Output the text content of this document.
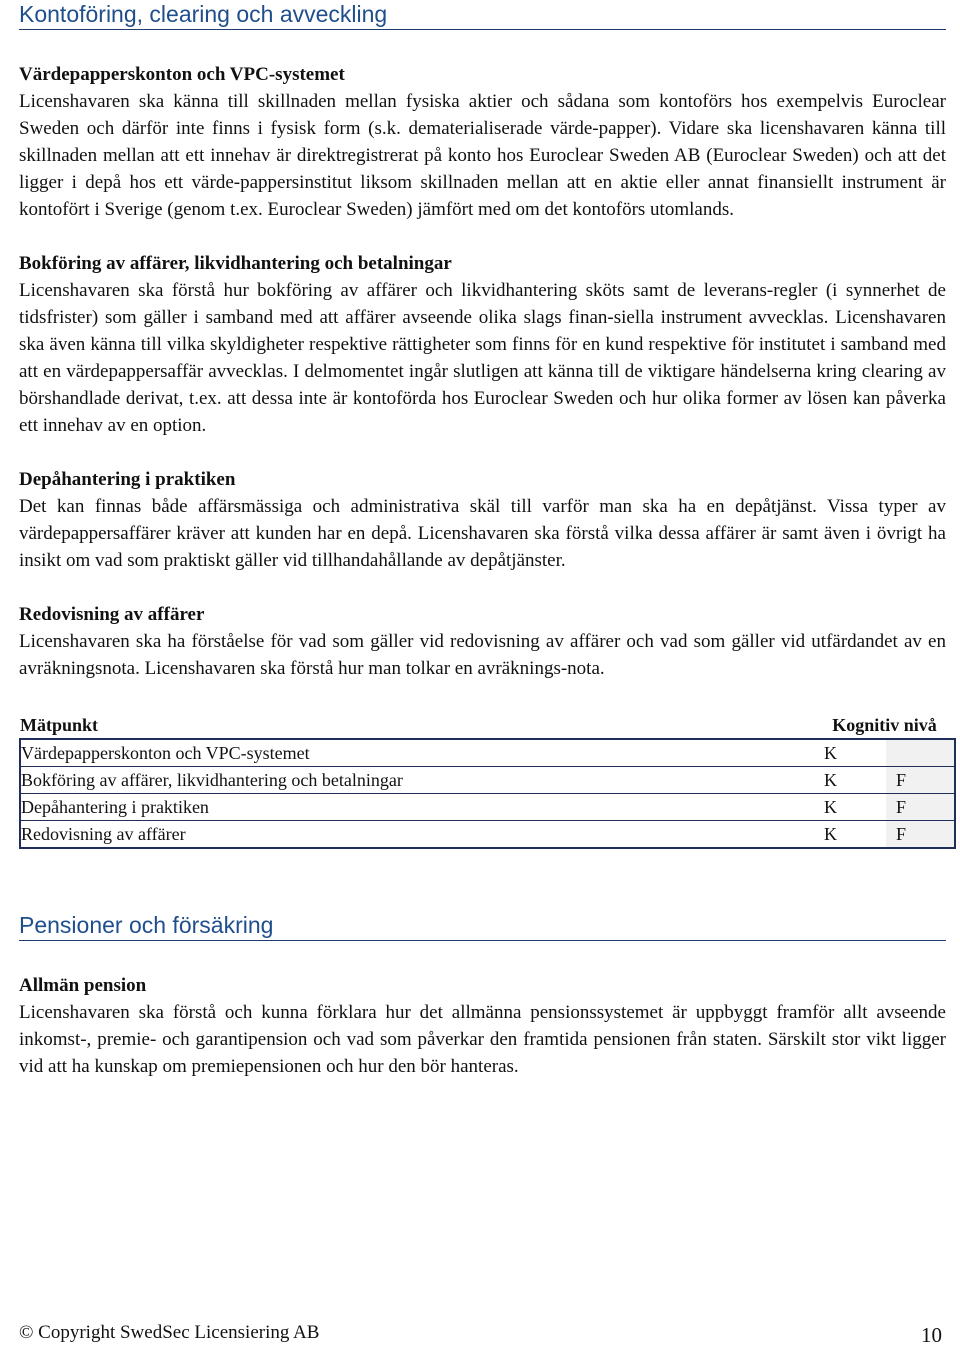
Kontoföring, clearing och avveckling

Värdepapperskonton och VPC-systemet

Licenshavaren ska känna till skillnaden mellan fysiska aktier och sådana som kontoförs hos exempelvis Euroclear Sweden och därför inte finns i fysisk form (s.k. dematerialiserade värde-papper). Vidare ska licenshavaren känna till skillnaden mellan att ett innehav är direktregistrerat på konto hos Euroclear Sweden AB (Euroclear Sweden) och att det ligger i depå hos ett värde-pappersinstitut liksom skillnaden mellan att en aktie eller annat finansiellt instrument är kontofört i Sverige (genom t.ex. Euroclear Sweden) jämfört med om det kontoförs utomlands.

Bokföring av affärer, likvidhantering och betalningar

Licenshavaren ska förstå hur bokföring av affärer och likvidhantering sköts samt de leverans-regler (i synnerhet de tidsfrister) som gäller i samband med att affärer avseende olika slags finan-siella instrument avvecklas. Licenshavaren ska även känna till vilka skyldigheter respektive rättigheter som finns för en kund respektive för institutet i samband med att en värdepappersaffär avvecklas. I delmomentet ingår slutligen att känna till de viktigare händelserna kring clearing av börshandlade derivat, t.ex. att dessa inte är kontoförda hos Euroclear Sweden och hur olika former av lösen kan påverka ett innehav av en option.

Depåhantering i praktiken

Det kan finnas både affärsmässiga och administrativa skäl till varför man ska ha en depåtjänst. Vissa typer av värdepappersaffärer kräver att kunden har en depå. Licenshavaren ska förstå vilka dessa affärer är samt även i övrigt ha insikt om vad som praktiskt gäller vid tillhandahållande av depåtjänster.

Redovisning av affärer

Licenshavaren ska ha förståelse för vad som gäller vid redovisning av affärer och vad som gäller vid utfärdandet av en avräkningsnota. Licenshavaren ska förstå hur man tolkar en avräknings-nota.

Mätpunkt	Kognitiv nivå	
Värdepapperskonton och VPC-systemet	K	
Bokföring av affärer, likvidhantering och betalningar	K	F
Depåhantering i praktiken	K	F
Redovisning av affärer	K	F
Pensioner och försäkring

Allmän pension

Licenshavaren ska förstå och kunna förklara hur det allmänna pensionssystemet är uppbyggt framför allt avseende inkomst-, premie- och garantipension och vad som påverkar den framtida pensionen från staten. Särskilt stor vikt ligger vid att ha kunskap om premiepensionen och hur den bör hanteras.

© Copyright SwedSec Licensiering AB	10
